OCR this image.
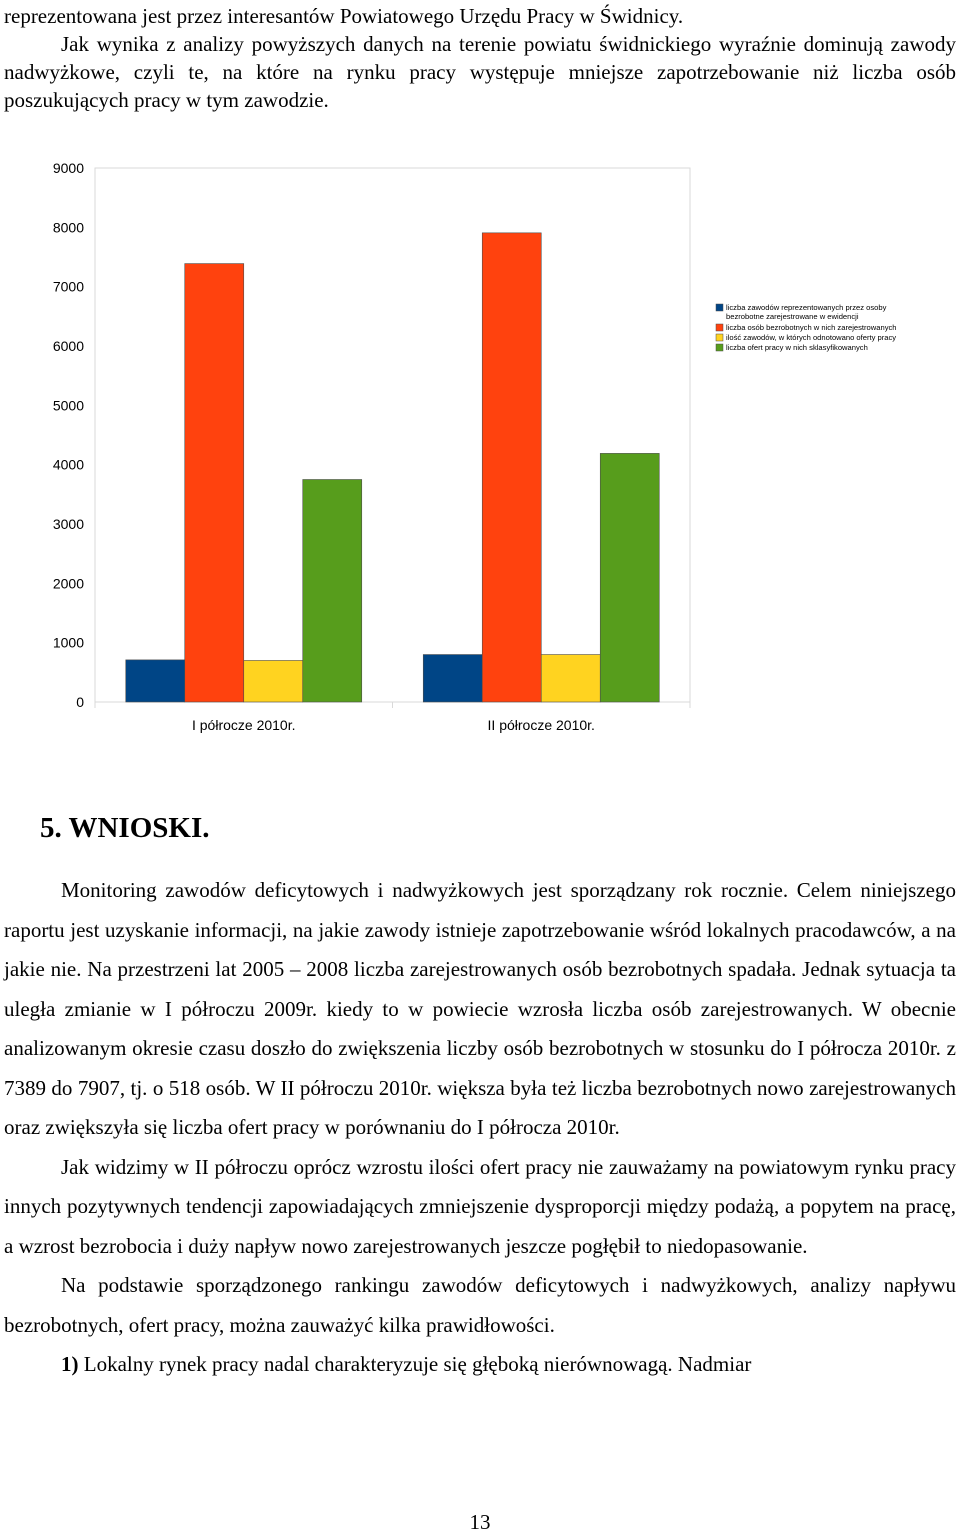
reprezentowana jest przez interesantów Powiatowego Urzędu Pracy w Świdnicy.
Jak wynika z analizy powyższych danych na terenie powiatu świdnickiego wyraźnie dominują zawody nadwyżkowe, czyli te, na które na rynku pracy występuje mniejsze zapotrzebowanie niż liczba osób poszukujących pracy w tym zawodzie.
0
1000
2000
3000
4000
5000
6000
7000
8000
9000
I półrocze 2010r.	II półrocze 2010r.
liczba zawodów reprezentowanych przez osoby bezrobotne zarejestrowane w ewidencji
liczba osób bezrobotnych w nich zarejestrowanych
ilość zawodów, w których odnotowano oferty pracy
liczba ofert pracy w nich sklasyfikowanych
5. WNIOSKI.

Monitoring zawodów deficytowych i nadwyżkowych jest sporządzany rok rocznie. Celem niniejszego raportu jest uzyskanie informacji, na jakie zawody istnieje zapotrzebowanie wśród lokalnych pracodawców, a na jakie nie. Na przestrzeni lat 2005 – 2008 liczba zarejestrowanych osób bezrobotnych spadała. Jednak sytuacja ta uległa zmianie w I półroczu 2009r. kiedy to w powiecie wzrosła liczba osób zarejestrowanych. W obecnie analizowanym okresie czasu doszło do zwiększenia liczby osób bezrobotnych w stosunku do I półrocza 2010r. z 7389 do 7907, tj. o 518 osób. W II półroczu 2010r. większa była też liczba bezrobotnych nowo zarejestrowanych oraz zwiększyła się liczba ofert pracy w porównaniu do I półrocza 2010r.

Jak widzimy w II półroczu oprócz wzrostu ilości ofert pracy nie zauważamy na powiatowym rynku pracy innych pozytywnych tendencji zapowiadających zmniejszenie dysproporcji między podażą, a popytem na pracę, a wzrost bezrobocia i duży napływ nowo zarejestrowanych jeszcze pogłębił to niedopasowanie.

Na podstawie sporządzonego rankingu zawodów deficytowych i nadwyżkowych, analizy napływu bezrobotnych, ofert pracy, można zauważyć kilka prawidłowości.

1) Lokalny rynek pracy nadal charakteryzuje się głęboką nierównowagą. Nadmiar

13
